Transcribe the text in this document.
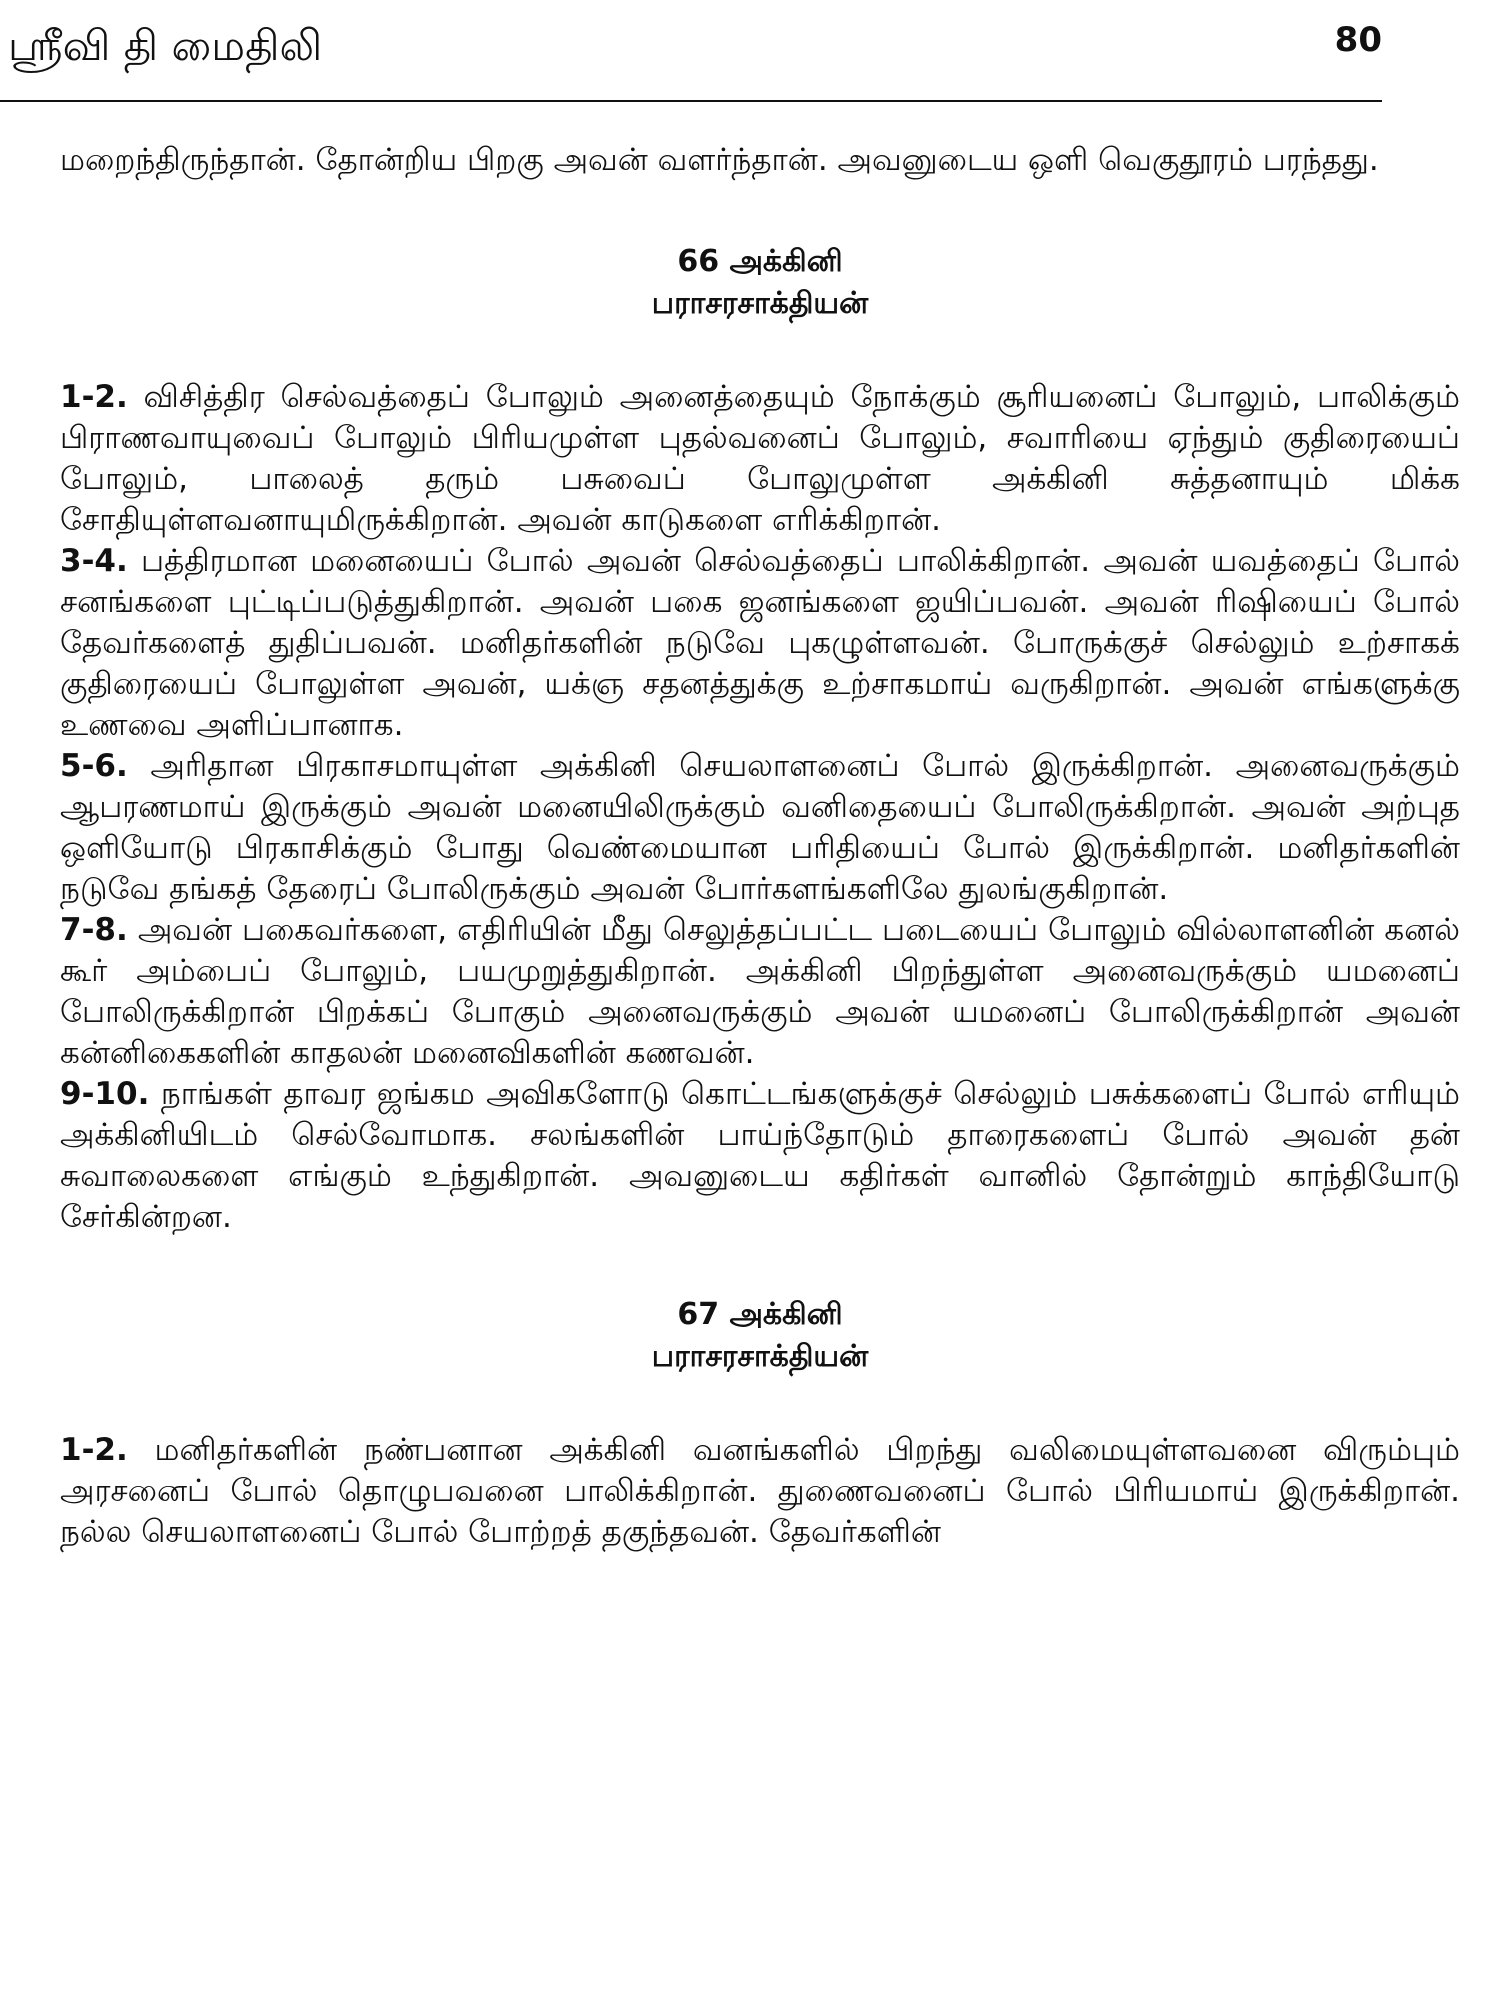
ஸ்ரீவி தி மைதிலி	80

மறைந்திருந்தான். தோன்றிய பிறகு அவன் வளர்ந்தான். அவனுடைய ஒளி வெகுதூரம் பரந்தது.

66 அக்கினி
பராசரசாக்தியன்

1-2. விசித்திர செல்வத்தைப் போலும் அனைத்தையும் நோக்கும் சூரியனைப் போலும், பாலிக்கும் பிராணவாயுவைப் போலும் பிரியமுள்ள புதல்வனைப் போலும், சவாரியை ஏந்தும் குதிரையைப் போலும், பாலைத் தரும் பசுவைப் போலுமுள்ள அக்கினி சுத்தனாயும் மிக்க சோதியுள்ளவனாயுமிருக்கிறான். அவன் காடுகளை எரிக்கிறான்.

3-4. பத்திரமான மனையைப் போல் அவன் செல்வத்தைப் பாலிக்கிறான். அவன் யவத்தைப் போல் சனங்களை புட்டிப்படுத்துகிறான். அவன் பகை ஜனங்களை ஜயிப்பவன். அவன் ரிஷியைப் போல் தேவர்களைத் துதிப்பவன். மனிதர்களின் நடுவே புகழுள்ளவன். போருக்குச் செல்லும் உற்சாகக் குதிரையைப் போலுள்ள அவன், யக்ஞ சதனத்துக்கு உற்சாகமாய் வருகிறான். அவன் எங்களுக்கு உணவை அளிப்பானாக.

5-6. அரிதான பிரகாசமாயுள்ள அக்கினி செயலாளனைப் போல் இருக்கிறான். அனைவருக்கும் ஆபரணமாய் இருக்கும் அவன் மனையிலிருக்கும் வனிதையைப் போலிருக்கிறான். அவன் அற்புத ஒளியோடு பிரகாசிக்கும் போது வெண்மையான பரிதியைப் போல் இருக்கிறான். மனிதர்களின் நடுவே தங்கத் தேரைப் போலிருக்கும் அவன் போர்களங்களிலே துலங்குகிறான்.

7-8. அவன் பகைவர்களை, எதிரியின் மீது செலுத்தப்பட்ட படையைப் போலும் வில்லாளனின் கனல் கூர் அம்பைப் போலும், பயமுறுத்துகிறான். அக்கினி பிறந்துள்ள அனைவருக்கும் யமனைப் போலிருக்கிறான் பிறக்கப் போகும் அனைவருக்கும் அவன் யமனைப் போலிருக்கிறான் அவன் கன்னிகைகளின் காதலன் மனைவிகளின் கணவன்.

9-10. நாங்கள் தாவர ஜங்கம அவிகளோடு கொட்டங்களுக்குச் செல்லும் பசுக்களைப் போல் எரியும் அக்கினியிடம் செல்வோமாக. சலங்களின் பாய்ந்தோடும் தாரைகளைப் போல் அவன் தன் சுவாலைகளை எங்கும் உந்துகிறான். அவனுடைய கதிர்கள் வானில் தோன்றும் காந்தியோடு சேர்கின்றன.

67 அக்கினி
பராசரசாக்தியன்

1-2. மனிதர்களின் நண்பனான அக்கினி வனங்களில் பிறந்து வலிமையுள்ளவனை விரும்பும் அரசனைப் போல் தொழுபவனை பாலிக்கிறான். துணைவனைப் போல் பிரியமாய் இருக்கிறான். நல்ல செயலாளனைப் போல் போற்றத் தகுந்தவன். தேவர்களின்
